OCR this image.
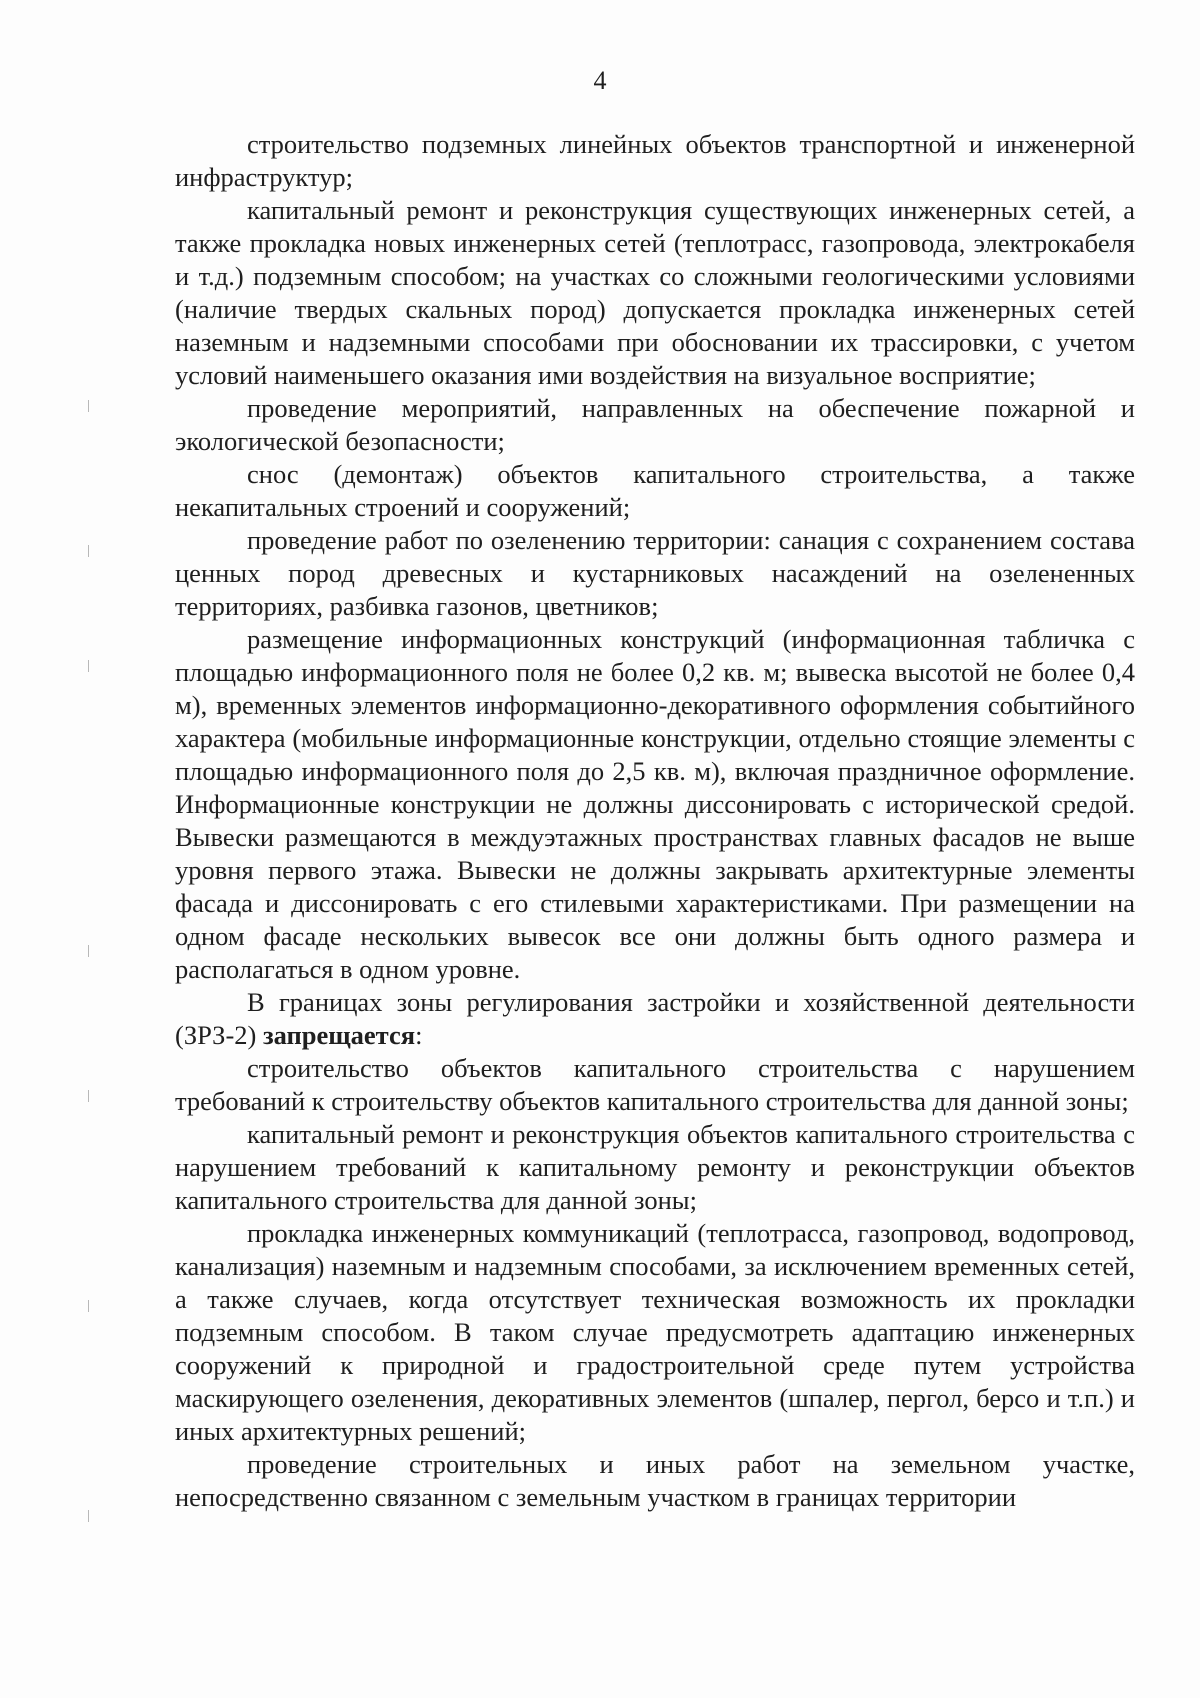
4

строительство подземных линейных объектов транспортной и инженерной инфраструктур;

капитальный ремонт и реконструкция существующих инженерных сетей, а также прокладка новых инженерных сетей (теплотрасс, газопровода, электрокабеля и т.д.) подземным способом; на участках со сложными геологическими условиями (наличие твердых скальных пород) допускается прокладка инженерных сетей наземным и надземными способами при обосновании их трассировки, с учетом условий наименьшего оказания ими воздействия на визуальное восприятие;

проведение мероприятий, направленных на обеспечение пожарной и экологической безопасности;

снос (демонтаж) объектов капитального строительства, а также некапитальных строений и сооружений;

проведение работ по озеленению территории: санация с сохранением состава ценных пород древесных и кустарниковых насаждений на озелененных территориях, разбивка газонов, цветников;

размещение информационных конструкций (информационная табличка с площадью информационного поля не более 0,2 кв. м; вывеска высотой не более 0,4 м), временных элементов информационно-декоративного оформления событийного характера (мобильные информационные конструкции, отдельно стоящие элементы с площадью информационного поля до 2,5 кв. м), включая праздничное оформление. Информационные конструкции не должны диссонировать с исторической средой. Вывески размещаются в междуэтажных пространствах главных фасадов не выше уровня первого этажа. Вывески не должны закрывать архитектурные элементы фасада и диссонировать с его стилевыми характеристиками. При размещении на одном фасаде нескольких вывесок все они должны быть одного размера и располагаться в одном уровне.

В границах зоны регулирования застройки и хозяйственной деятельности (ЗРЗ-2) запрещается:

строительство объектов капитального строительства с нарушением требований к строительству объектов капитального строительства для данной зоны;

капитальный ремонт и реконструкция объектов капитального строительства с нарушением требований к капитальному ремонту и реконструкции объектов капитального строительства для данной зоны;

прокладка инженерных коммуникаций (теплотрасса, газопровод, водопровод, канализация) наземным и надземным способами, за исключением временных сетей, а также случаев, когда отсутствует техническая возможность их прокладки подземным способом. В таком случае предусмотреть адаптацию инженерных сооружений к природной и градостроительной среде путем устройства маскирующего озеленения, декоративных элементов (шпалер, пергол, берсо и т.п.) и иных архитектурных решений;

проведение строительных и иных работ на земельном участке, непосредственно связанном с земельным участком в границах территории
